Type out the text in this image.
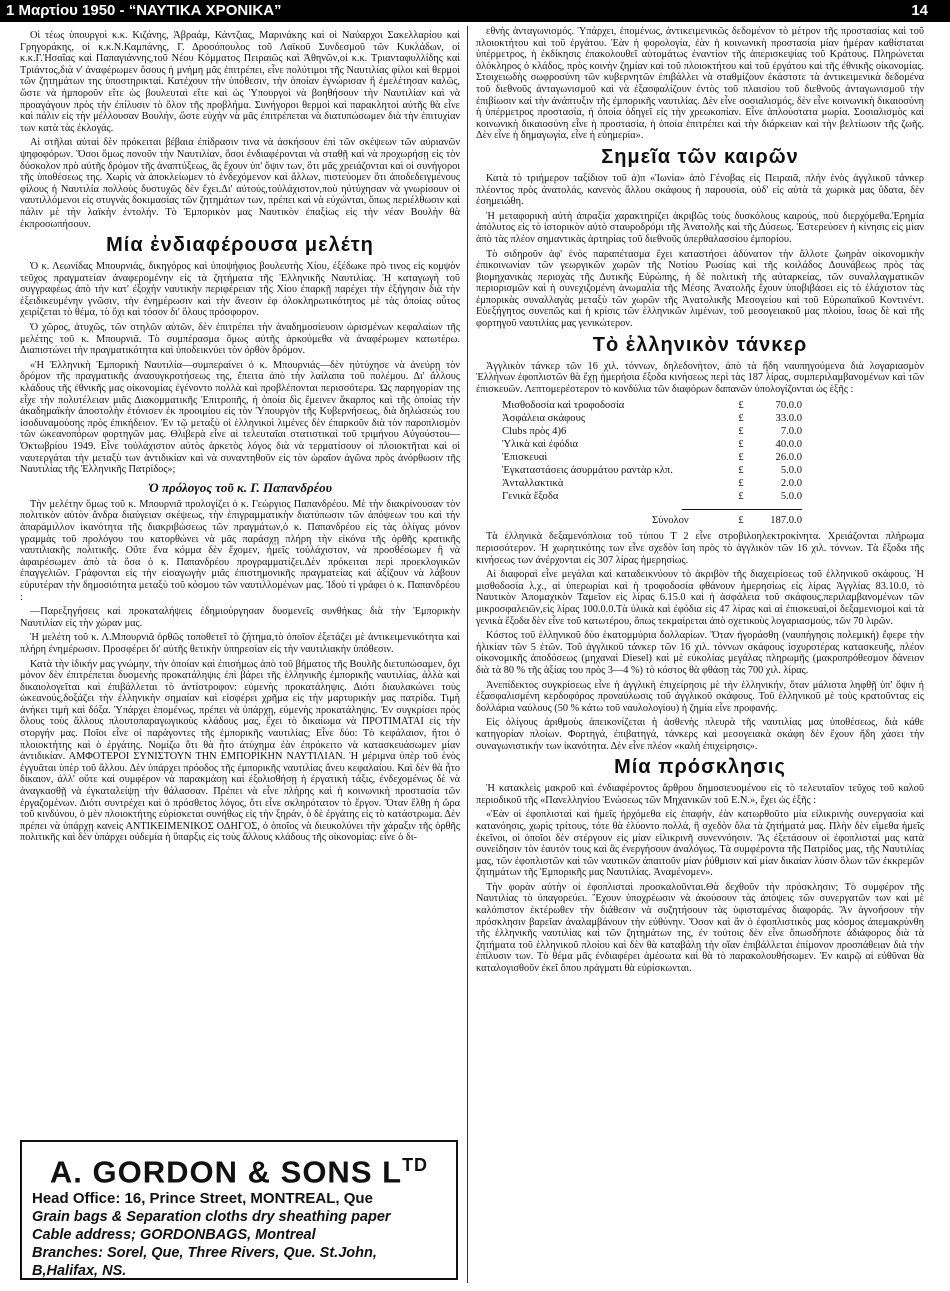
1 Μαρτίου 1950 - “ΝΑΥΤΙΚΑ ΧΡΟΝΙΚΑ”	14

Οἱ τέως ὑπουργοὶ κ.κ. Κιζάνης, Ἀβραάμ, Κάντζιας, Μαρινάκης καὶ οἱ Ναύαρχοι Σακελλαρίου καὶ Γρηγοράκης, οἱ κ.κ.Ν.Καμπάνης, Γ. Δροσόπουλος τοῦ Λαϊκοῦ Συνδεσμοῦ τῶν Κυκλάδων, οἱ κ.κ.Γ.Ἡσαΐας καὶ Παπαγιάννης,τοῦ Νέου Κόμματος Πειραιῶς καὶ Ἀθηνῶν,οἱ κ.κ. Τριανταφυλλίδης καὶ Τριάντος,διὰ ν' ἀναφέρωμεν ὅσους ἡ μνήμη μᾶς ἐπιτρέπει, εἶνε πολύτιμοι τῆς Ναυτιλίας φίλοι καὶ θερμοὶ τῶν ζητημάτων της ὑποστηρικταί. Κατέχουν τὴν ὑπόθεσιν, τὴν ὁποίαν ἐγνώρισαν ἢ ἐμελέτησαν καλῶς, ὥστε νὰ ἠμποροῦν εἴτε ὡς βουλευταὶ εἴτε καὶ ὡς Ὑπουργοὶ νὰ βοηθήσουν τὴν Ναυτιλίαν καὶ νὰ προαγάγουν πρὸς τὴν ἐπίλυσιν τὸ ὅλον τῆς προβλήμα. Συνήγοροι θερμοὶ καὶ παρακλητοὶ αὐτῆς θὰ εἶνε καὶ πάλιν εἰς τὴν μέλλουσαν Βουλήν, ὥστε εὐχὴν νὰ μᾶς ἐπιτρέπεται νὰ διατυπώσωμεν διὰ τὴν ἐπιτυχίαν των κατὰ τὰς ἐκλογάς.

Αἱ στῆλαι αὐταὶ δὲν πρόκειται βέβαια ἐπίδρασιν τινα νὰ ἀσκήσουν ἐπὶ τῶν σκέψεων τῶν αὐριανῶν ψηφοφόρων. Ὅσοι ὅμως πονοῦν τὴν Ναυτιλίαν, ὅσοι ἐνδιαφέρονται νὰ σταθῇ καὶ νὰ προχωρήσῃ εἰς τὸν δύσκολον πρὸ αὐτῆς δρόμον τῆς ἀναπτύξεως, ἂς ἔχουν ὑπ' ὄψιν των, ὅτι μᾶς χρειάζονται καὶ οἱ συνήγοροι τῆς ὑποθέσεως της. Χωρὶς νὰ ἀποκλείωμεν τὸ ἐνδεχόμενον καὶ ἄλλων, πιστεύομεν ὅτι ἀποδεδειγμένους φίλους ἡ Ναυτιλία πολλοὺς δυστυχῶς δὲν ἔχει.Δι' αὐτούς,τοὐλάχιστον,ποὺ ηὐτύχησαν νὰ γνωρίσουν οἱ ναυτιλλόμενοι εἰς στυγνὰς δοκιμασίας τῶν ζητημάτων των, πρέπει καὶ νὰ εὐχώνται, ὅπως περιέλθωσιν καὶ πάλιν μὲ τὴν λαϊκὴν ἐντολήν. Τὸ Ἐμπορικὸν μας Ναυτικὸν ἐπαξίως εἰς τὴν νέαν Βουλὴν θὰ ἐκπροσωπήσουν.

Μία ἐνδιαφέρουσα μελέτη

Ὁ κ. Λεωνίδας Μπουρνιάς, δικηγόρος καὶ ὑποψήφιος βουλευτὴς Χίου, ἐξέδωκε πρὸ τινος εἰς κομψὸν τεῦχος πραγματείαν ἀναφερομένην εἰς τὰ ζητήματα τῆς Ἑλληνικῆς Ναυτιλίας. Ἡ καταγωγὴ τοῦ συγγραφέως ἀπὸ τὴν κατ' ἐξοχὴν ναυτικὴν περιφέρειαν τῆς Χίου ἐπαρκῇ παρέχει τὴν ἐξήγησιν διὰ τὴν ἐξειδικευμένην γνῶσιν, τὴν ἐνημέρωσιν καὶ τὴν ἄνεσιν ἐφ ὁλοκληρωτικότητος μὲ τὰς ὁποίας οὗτος χειρίζεται τὸ θέμα, τὸ ὄχι καὶ τόσον δι' ὅλους πρόσφορον.

Ὁ χῶρος, ἀτυχῶς, τῶν στηλῶν αὐτῶν, δὲν ἐπιτρέπει τὴν ἀναδημοσίευσιν ὡρισμένων κεφαλαίων τῆς μελέτης τοῦ κ. Μπουρνιᾶ. Τὸ συμπέρασμα ὅμως αὐτῆς ἀρκούμεθα νὰ ἀναφέρωμεν κατωτέρω. Διαπιστώνει τὴν πραγματικότητα καὶ ὑποδεικνύει τὸν ὀρθὸν δρόμον.

«Ἡ Ἑλληνικὴ Ἐμπορικὴ Ναυτιλία—συμπεραίνει ὁ κ. Μπουρνιάς—δὲν ηὐτύχησε νὰ ἀνεύρῃ τὸν δρόμον τῆς πραγματικῆς ἀνασυγκροτήσεως της, ἔπειτα ἀπὸ τὴν λαίλαπα τοῦ πολέμου. Δι' ἄλλους κλάδους τῆς ἐθνικῆς μας οἰκονομίας ἐγένοντο πολλὰ καὶ προβλέπονται περισσότερα. Ὡς παρηγορίαν της εἶχε τὴν πολυτέλειαν μιᾶς Διακομματικῆς Ἐπιτροπῆς, ἡ ὁποία δὶς ἔμεινεν ἄκαρπος καὶ τῆς ὁποίας τὴν ἀκαδημαϊκὴν ἀποστολὴν ἐτόνισεν ἐκ προοιμίου εἰς τὸν Ὑπουργὸν τῆς Κυβερνήσεως, διὰ δηλώσεώς του ἰσοδυναμούσης πρὸς ἐπικήδειον. Ἐν τῷ μεταξὺ οἱ ἑλληνικοὶ λιμένες δὲν ἐπαρκοῦν διὰ τὸν παροπλισμὸν τῶν ὠκεανοπόρων φορτηγῶν μας. Θλιβερὰ εἶνε αἱ τελευταῖαι στατιστικαὶ τοῦ τριμήνου Αὐγούστου—Ὀκτωβρίου 1949. Εἶνε τοὐλάχιστον αὐτὸς ἀρκετὸς λόγος διὰ νὰ τερματίσουν οἱ πλοιοκτῆται καὶ οἱ ναυτεργάται τὴν μεταξὺ των ἀντιδικίαν καὶ νὰ συναντηθοῦν εἰς τὸν ὡραῖον ἀγῶνα πρὸς ἀνόρθωσιν τῆς Ναυτιλίας τῆς Ἑλληνικῆς Πατρίδος»;

Ὁ πρόλογος τοῦ κ. Γ. Παπανδρέου

Τὴν μελέτην ὅμως τοῦ κ. Μπουρνιᾶ προλογίζει ὁ κ. Γεώργιος Παπανδρέου. Μὲ τὴν διακρίνουσαν τὸν πολιτικὸν αὐτὸν ἄνδρα διαύγειαν σκέψεως, τὴν ἐπιγραμματικὴν διατύπωσιν τῶν ἀπόψεων του καὶ τὴν ἀπαράμιλλον ἱκανότητα τῆς διακριβώσεως τῶν πραγμάτων,ὁ κ. Παπανδρέου εἰς τὰς ὀλίγας μόνον γραμμὰς τοῦ προλόγου του κατορθώνει νὰ μᾶς παράσχῃ πλήρη τὴν εἰκόνα τῆς ὀρθῆς κρατικῆς ναυτιλιακῆς πολιτικῆς. Οὔτε ἕνα κόμμα δὲν ἔχομεν, ἡμεῖς τοὐλάχιστον, νὰ προσθέσωμεν ἢ νὰ ἀφαιρέσωμεν ἀπὸ τὰ ὅσα ὁ κ. Παπανδρέου προγραμματίζει.Δὲν πρόκειται περὶ προεκλογικῶν ἐπαγγελιῶν. Γράφονται εἰς τὴν εἰσαγωγὴν μιᾶς ἐπιστημονικῆς πραγματείας καὶ ἀξίζουν νὰ λάβουν εὐρυτέραν τὴν δημοσιότητα μεταξὺ τοῦ κόσμου τῶν ναυτιλλομένων μας. Ἰδοὺ τί γράφει ὁ κ. Παπανδρέου :

—Παρεξηγήσεις καὶ προκαταλήψεις ἐδημιούργησαν δυσμενεῖς συνθήκας διὰ τὴν Ἐμπορικὴν Ναυτιλίαν εἰς τὴν χώραν μας.

Ἡ μελέτη τοῦ κ. Λ.Μπουρνιᾶ ὀρθῶς τοποθετεῖ τὸ ζήτημα,τὸ ὁποῖον ἐξετάζει μὲ ἀντικειμενικότητα καὶ πλήρη ἐνημέρωσιν. Προσφέρει δι' αὐτῆς θετικὴν ὑπηρεσίαν εἰς τὴν ναυτιλιακὴν ὑπόθεσιν.

Κατὰ τὴν ἰδικήν μας γνώμην, τὴν ὁποίαν καὶ ἐπισήμως ἀπὸ τοῦ βήματος τῆς Βουλῆς διετυπώσαμεν, ὄχι μόνον δὲν ἐπιτρέπεται δυσμενὴς προκατάληψις ἐπὶ βάρει τῆς ἑλληνικῆς ἐμπορικῆς ναυτιλίας, ἀλλὰ καὶ δικαιολογεῖται καὶ ἐπιβάλλεται τὸ ἀντίστροφον: εὐμενὴς προκατάληψις. Διότι διαυλακώνει τοὺς ὠκεανούς,δοξάζει τὴν ἑλληνικὴν σημαίαν καὶ εἰσφέρει χρῆμα εἰς τὴν μαρτυρικὴν μας πατρίδα. Τιμὴ ἀνήκει τιμὴ καὶ δόξα. Ὑπάρχει ἑπομένως, πρέπει νὰ ὑπάρχῃ, εὐμενὴς προκατάληψις. Ἐν συγκρίσει πρὸς ὅλους τοὺς ἄλλους πλουτοπαραγωγικοὺς κλάδους μας, ἔχει τὸ δικαίωμα νὰ ΠΡΟΤΙΜΑΤΑΙ εἰς τὴν στοργήν μας. Ποῖοι εἶνε οἱ παράγοντες τῆς ἐμπορικῆς ναυτιλίας; Εἶνε δύο: Τὸ κεφάλαιον, ἤτοι ὁ πλοιοκτήτης καὶ ὁ ἐργάτης. Νομίζω ὅτι θὰ ἦτο ἀτύχημα ἐὰν ἐπρόκειτο νὰ κατασκευάσωμεν μίαν ἀντιδικίαν. ΑΜΦΟΤΕΡΟΙ ΣΥΝΙΣΤΟΥΝ ΤΗΝ ΕΜΠΟΡΙΚΗΝ ΝΑΥΤΙΛΙΑΝ. Ἡ μέριμνα ὑπὲρ τοῦ ἑνὸς ἐγγυᾶται ὑπὲρ τοῦ ἄλλου. Δὲν ὑπάρχει πρόοδος τῆς ἐμπορικῆς ναυτιλίας ἄνευ κεφαλαίου. Καὶ δὲν θὰ ἦτο δίκαιον, ἀλλ' οὔτε καὶ συμφέρον νὰ παρακμάσῃ καὶ ἐξολισθήσῃ ἡ ἐργατικὴ τάξις, ἐνδεχομένως δὲ νὰ ἀναγκασθῇ νὰ ἐγκαταλείψῃ τὴν θάλασσαν. Πρέπει νὰ εἶνε πλήρης καὶ ἡ κοινωνικὴ προστασία τῶν ἐργαζομένων. Διότι συντρέχει καὶ ὁ πρόσθετος λόγος, ὅτι εἶνε σκληρότατον τὸ ἔργον. Ὅταν ἔλθῃ ἡ ὥρα τοῦ κινδύνου, ὁ μὲν πλοιοκτήτης εὑρίσκεται συνήθως εἰς τὴν ξηράν, ὁ δὲ ἐργάτης εἰς τὸ κατάστρωμα. Δὲν πρέπει νὰ ὑπάρχῃ κανεὶς ΑΝΤΙΚΕΙΜΕΝΙΚΟΣ ΟΔΗΓΟΣ, ὁ ὁποῖος νὰ διευκολύνει τὴν χάραξιν τῆς ὀρθῆς πολιτικῆς καὶ δὲν ὑπάρχει οὐδεμία ἡ ὕπαρξις εἰς τοὺς ἄλλους κλάδους τῆς οἰκονομίας: εἶνε ὁ δι-

A. GORDON & SONS $L^{TD}$
Head Office: 16, Prince Street, MONTREAL, Que
Grain bags & Separation cloths dry sheathing paper
Cable address; GORDONBAGS, Montreal
Branches: Sorel, Que, Three Rivers, Que. St.John,
B,Halifax, NS.

εθνὴς ἀνταγωνισμός. Ὑπάρχει, ἑπομένως, ἀντικειμενικῶς δεδομένον τὸ μέτρον τῆς προστασίας καὶ τοῦ πλοιοκτήτου καὶ τοῦ ἐργάτου. Ἐὰν ἡ φορολογία, ἐὰν ἡ κοινωνικὴ προστασία μίαν ἡμέραν καθίσταται ὑπέρμετρος, ἡ ἐκδίκησις ἐπακολουθεῖ αὐτομάτως ἐναντίον τῆς ἀπερισκεψίας τοῦ Κράτους. Πληρώνεται ὁλόκληρος ὁ κλάδος, πρὸς κοινὴν ζημίαν καὶ τοῦ πλοιοκτήτου καὶ τοῦ ἐργάτου καὶ τῆς ἐθνικῆς οἰκονομίας. Στοιχειωδὴς σωφροσύνη τῶν κυβερνητῶν ἐπιβάλλει νὰ σταθμίζουν ἑκάστοτε τὰ ἀντικειμενικὰ δεδομένα τοῦ διεθνοῦς ἀνταγωνισμοῦ καὶ νὰ ἐξασφαλίζουν ἐντὸς τοῦ πλαισίου τοῦ διεθνοῦς ἀνταγωνισμοῦ τὴν ἐπιβίωσιν καὶ τὴν ἀνάπτυξιν τῆς ἐμπορικῆς ναυτιλίας. Δὲν εἶνε σοσιαλισμός, δὲν εἶνε κοινωνικὴ δικαιοσύνη ἡ ὑπέρμετρος προστασία, ἡ ὁποία ὁδηγεῖ εἰς τὴν χρεωκοπίαν. Εἶνε ἁπλούστατα μωρία. Σοσιαλισμὸς καὶ κοινωνικὴ δικαιοσύνη εἶνε ἡ προστασία, ἡ ὁποία ἐπιτρέπει καὶ τὴν διάρκειαν καὶ τὴν βελτίωσιν τῆς ζωῆς. Δὲν εἶνε ἡ δημαγωγία, εἶνε ἡ εὐημερία».

Σημεῖα τῶν καιρῶν

Κατὰ τὸ τριήμερον ταξίδιον τοῦ ἀ)π «Ἰωνία» ἀπὸ Γένοβας εἰς Πειραιᾶ, πλὴν ἑνὸς ἀγγλικοῦ τάνκερ πλέοντος πρὸς ἀνατολάς, κανενὸς ἄλλου σκάφους ἡ παρουσία, οὐδ' εἰς αὐτὰ τὰ χωρικὰ μας ὕδατα, δὲν ἐσημειώθη.

Ἡ μεταφορικὴ αὐτὴ ἀπραξία χαρακτηρίζει ἀκριβῶς τοὺς δυσκόλους καιρούς, ποὺ διερχόμεθα.Ἐρημία ἀπόλυτος εἰς τὸ ἱστορικὸν αὐτὸ σταυροδρόμι τῆς Ἀνατολῆς καὶ τῆς Δύσεως. Ἐστερεύσεν ἡ κίνησις εἰς μίαν ἀπὸ τὰς πλέον σημαντικὰς ἀρτηρίας τοῦ διεθνοῦς ὑπερθαλασσίου ἐμπορίου.

Τὸ σιδηροῦν ἀφ' ἑνὸς παραπέτασμα ἔχει καταστήσει ἀδύνατον τὴν ἄλλοτε ζωηρὰν οἰκονομικὴν ἐπικοινωνίαν τῶν γεωργικῶν χωρῶν τῆς Νοτίου Ρωσίας καὶ τῆς κοιλάδος Δουνάβεως πρὸς τὰς βιομηχανικὰς περιοχὰς τῆς Δυτικῆς Εὐρώπης, ἡ δὲ πολιτικὴ τῆς αὐταρκείας, τῶν συναλλαγματικῶν περιορισμῶν καὶ ἡ συνεχιζομένη ἀνωμαλία τῆς Μέσης Ἀνατολῆς ἔχουν ὑποβιβάσει εἰς τὸ ἐλάχιστον τὰς ἐμπορικὰς συναλλαγὰς μεταξὺ τῶν χωρῶν τῆς Ἀνατολικῆς Μεσογείου καὶ τοῦ Εὐρωπαϊκοῦ Κοντινέντ. Εὐεξήγητος συνεπῶς καὶ ἡ κρίσις τῶν ἑλληνικῶν λιμένων, τοῦ μεσογειακοῦ μας πλοίου, ἴσως δὲ καὶ τῆς φορτηγοῦ ναυτιλίας μας γενικώτερον.

Τὸ ἑλληνικὸν τάνκερ

Ἀγγλικὸν τάνκερ τῶν 16 χιλ. τόννων, δηλεδονὴτον, ἀπὸ τὰ ἤδη ναυπηγούμενα διὰ λογαριασμὸν Ἑλλήνων ἐφοπλιστῶν θὰ ἔχῃ ἡμερήσια ἔξοδα κινήσεως περὶ τὰς 187 λίρας, συμπεριλαμβανομένων καὶ τῶν ἐπισκευῶν. Λεπτομερέστερον τὸ κονδύλια τῶν διαφόρων δαπανῶν ὑπολογίζονται ὡς ἑξῆς :

Μισθοδοσία καὶ τροφοδοσία	£	70.0.0
Ἀσφάλεια σκάφους	£	33.0.0
Clubs πρὸς 4)6	£	7.0.0
Ὑλικὰ καὶ ἐφόδια	£	40.0.0
Ἐπισκευαὶ	£	26.0.0
Ἐγκαταστάσεις ἀσυρμάτου ραντὰρ κλπ.	£	5.0.0
Ἀνταλλακτικὰ	£	2.0.0
Γενικὰ ἔξοδα	£	5.0.0
Σύνολον	£	187.0.0

Τὰ ἑλληνικὰ δεξαμενόπλοια τοῦ τύπου Τ 2 εἶνε στροβιλοηλεκτροκίνητα. Χρειάζονται πλήρωμα περισσότερον. Ἡ χωρητικότης των εἶνε σχεδὸν ἴση πρὸς τὸ ἀγγλικὸν τῶν 16 χιλ. τόννων. Τὰ ἔξοδα τῆς κινήσεως των ἀνέρχονται εἰς 307 λίρας ἡμερησίως.

Αἱ διαφοραὶ εἶνε μεγάλαι καὶ καταδεικνύουν τὸ ἀκριβὸν τῆς διαχειρίσεως τοῦ ἑλληνικοῦ σκάφους. Ἡ μισθοδοσία λ.χ., αἱ ὑπερωρίαι καὶ ἡ τροφοδοσία φθάνουν ἡμερησίως εἰς λίρας Ἀγγλίας 83.10.0, τὸ Ναυτικὸν Ἀπομαχικὸν Ταμεῖον εἰς λίρας 6.15.0 καὶ ἡ ἀσφάλεια τοῦ σκάφους,περιλαμβανομένων τῶν μικροσφαλειῶν,εἰς λίρας 100.0.0.Τὰ ὑλικὰ καὶ ἐφόδια εἰς 47 λίρας καὶ αἱ ἐπισκευαί,οἱ δεξαμενισμοὶ καὶ τὰ γενικὰ ἔξοδα δὲν εἶνε τοῦ κατωτέρου, ὅπως τεκμαίρεται ἀπὸ σχετικοὺς λογαριασμούς, τῶν 70 λιρῶν.

Κόστος τοῦ ἑλληνικοῦ δύο ἑκατομμύρια δολλαρίων. Ὅταν ἠγοράσθη (ναυπήγησις πολεμική) ἔφερε τὴν ἡλικίαν τῶν 5 ἐτῶν. Τοῦ ἀγγλικοῦ τάνκερ τῶν 16 χιλ. τόννων σκάφους ἰσχυροτέρας κατασκευῆς, πλέον οἰκονομικῆς ἀποδόσεως (μηχαναὶ Diesel) καὶ μὲ εὐκολίας μεγάλας πληρωμῆς (μακροπρόθεσμον δάνειον διὰ τὰ 80 % τῆς ἀξίας του πρὸς 3—4 %) τὸ κόστος θὰ φθάσῃ τὰς 700 χιλ. λίρας.

Ἀνεπίδεκτος συγκρίσεως εἶνε ἡ ἀγγλικὴ ἐπιχείρησις μὲ τὴν ἑλληνικήν, ὅταν μάλιστα ληφθῇ ὑπ' ὄψιν ἡ ἐξασφαλισμένη κερδοφόρος προναύλωσις τοῦ ἀγγλικοῦ σκάφους. Τοῦ ἑλληνικοῦ μὲ τοὺς κρατοῦντας εἰς δολλάρια ναύλους (50 % κάτω τοῦ ναυλολογίου) ἡ ζημία εἶνε προφανής.

Εἰς ὀλίγους ἀριθμοὺς ἀπεικονίζεται ἡ ἀσθενὴς πλευρὰ τῆς ναυτιλίας μας ὑποθέσεως, διὰ κάθε κατηγορίαν πλοίων. Φορτηγά, ἐπιβατηγά, τάνκερς καὶ μεσογειακὰ σκάφη δὲν ἔχουν ἤδη χάσει τὴν συναγωνιστικήν των ἱκανότητα. Δὲν εἶνε πλέον «καλὴ ἐπιχείρησις».

Μία πρόσκλησις

Ἡ κατακλεὶς μακροῦ καὶ ἐνδιαφέροντος ἄρθρου δημοσιευομένου εἰς τὸ τελευταῖον τεῦχος τοῦ καλοῦ περιοδικοῦ τῆς «Πανελληνίου Ἑνώσεως τῶν Μηχανικῶν τοῦ Ε.Ν.», ἔχει ὡς ἑξῆς :

«Ἐὰν οἱ ἐφοπλισταὶ καὶ ἡμεῖς ἠρχόμεθα εἰς ἐπαφήν, ἐὰν κατωρθοῦτο μία εἰλικρινὴς συνεργασία καὶ κατανόησις, χωρὶς τρίτους, τότε θὰ ἐλύοντο πολλά, ἢ σχεδὸν ὅλα τὰ ζητήματά μας. Πλὴν δὲν εἴμεθα ἡμεῖς ἐκεῖνοι, οἱ ὁποῖοι δὲν στέργουν εἰς μίαν εἰλικρινῆ συνεννόησιν. Ἂς ἐξετάσουν οἱ ἐφοπλισταί μας κατὰ συνείδησιν τὸν ἑαυτόν τους καὶ ἂς ἐνεργήσουν ἀναλόγως. Τὰ συμφέροντα τῆς Πατρίδος μας, τῆς Ναυτιλίας μας, τῶν ἐφοπλιστῶν καὶ τῶν ναυτικῶν ἀπαιτοῦν μίαν ῥύθμισιν καὶ μίαν δικαίαν λύσιν ὅλων τῶν ἐκκρεμῶν ζητημάτων τῆς Ἐμπορικῆς μας Ναυτιλίας. Ἀναμένομεν».

Τὴν φορὰν αὐτὴν οἱ ἐφοπλισταὶ προσκαλοῦνται.Θὰ δεχθοῦν τὴν πρόσκλησιν; Τὸ συμφέρον τῆς Ναυτιλίας τὸ ὑπαγορεύει. Ἔχουν ὑποχρέωσιν νὰ ἀκούσουν τὰς ἀπόψεις τῶν συνεργατῶν των καὶ μὲ καλόπιστον ἐκτέρωθεν τὴν διάθεσιν νὰ συζητήσουν τὰς ὑφισταμένας διαφοράς. Ἂν ἀγνοήσουν τὴν πρόσκλησιν βαρεῖαν ἀναλαμβάνουν τὴν εὐθύνην. Ὅσον καὶ ἂν ὁ ἐφοπλιστικὸς μας κόσμος ἀπεμακρύνθη τῆς ἑλληνικῆς ναυτιλίας καὶ τῶν ζητημάτων της, ἐν τούτοις δὲν εἶνε ὅπωσδήποτε ἀδιάφορος διὰ τὰ ζητήματα τοῦ ἑλληνικοῦ πλοίου καὶ δὲν θὰ καταβάλῃ τὴν οἵαν ἐπιβάλλεται ἐπίμονον προσπάθειαν διὰ τὴν ἐπίλυσιν των. Τὸ θέμα μᾶς ἐνδιαφέρει ἀμέσωτα καὶ θὰ τὸ παρακολουθήσωμεν. Ἐν καιρῷ αἱ εὐθῦναι θὰ καταλογισθοῦν ἐκεῖ ὅπου πράγματι θὰ εὑρίσκωνται.
